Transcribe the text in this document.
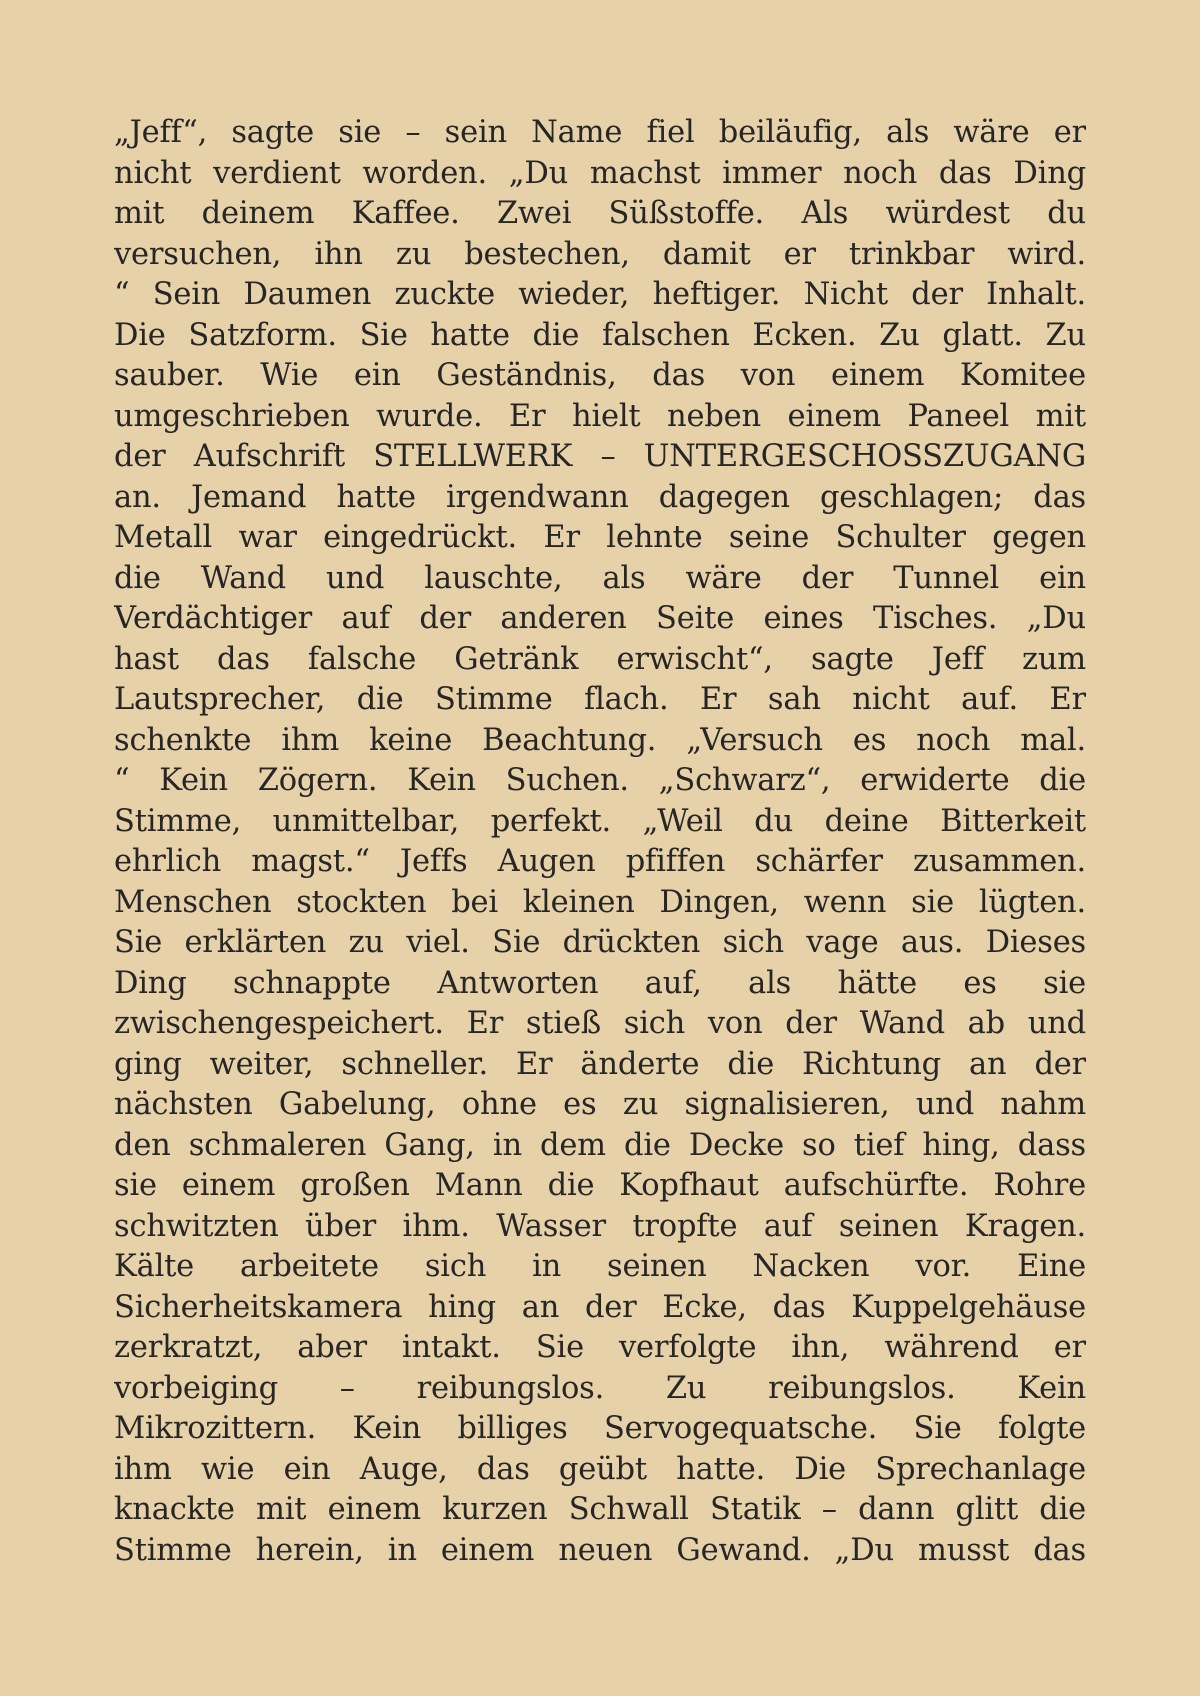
„Jeff“, sagte sie – sein Name fiel beiläufig, als wäre er
nicht verdient worden. „Du machst immer noch das Ding
mit deinem Kaffee. Zwei Süßstoffe. Als würdest du
versuchen, ihn zu bestechen, damit er trinkbar wird.
“ Sein Daumen zuckte wieder, heftiger. Nicht der Inhalt.
Die Satzform. Sie hatte die falschen Ecken. Zu glatt. Zu
sauber. Wie ein Geständnis, das von einem Komitee
umgeschrieben wurde. Er hielt neben einem Paneel mit
der Aufschrift STELLWERK – UNTERGESCHOSSZUGANG
an. Jemand hatte irgendwann dagegen geschlagen; das
Metall war eingedrückt. Er lehnte seine Schulter gegen
die Wand und lauschte, als wäre der Tunnel ein
Verdächtiger auf der anderen Seite eines Tisches. „Du
hast das falsche Getränk erwischt“, sagte Jeff zum
Lautsprecher, die Stimme flach. Er sah nicht auf. Er
schenkte ihm keine Beachtung. „Versuch es noch mal.
“ Kein Zögern. Kein Suchen. „Schwarz“, erwiderte die
Stimme, unmittelbar, perfekt. „Weil du deine Bitterkeit
ehrlich magst.“ Jeffs Augen pfiffen schärfer zusammen.
Menschen stockten bei kleinen Dingen, wenn sie lügten.
Sie erklärten zu viel. Sie drückten sich vage aus. Dieses
Ding schnappte Antworten auf, als hätte es sie
zwischengespeichert. Er stieß sich von der Wand ab und
ging weiter, schneller. Er änderte die Richtung an der
nächsten Gabelung, ohne es zu signalisieren, und nahm
den schmaleren Gang, in dem die Decke so tief hing, dass
sie einem großen Mann die Kopfhaut aufschürfte. Rohre
schwitzten über ihm. Wasser tropfte auf seinen Kragen.
Kälte arbeitete sich in seinen Nacken vor. Eine
Sicherheitskamera hing an der Ecke, das Kuppelgehäuse
zerkratzt, aber intakt. Sie verfolgte ihn, während er
vorbeiging – reibungslos. Zu reibungslos. Kein
Mikrozittern. Kein billiges Servogequatsche. Sie folgte
ihm wie ein Auge, das geübt hatte. Die Sprechanlage
knackte mit einem kurzen Schwall Statik – dann glitt die
Stimme herein, in einem neuen Gewand. „Du musst das
